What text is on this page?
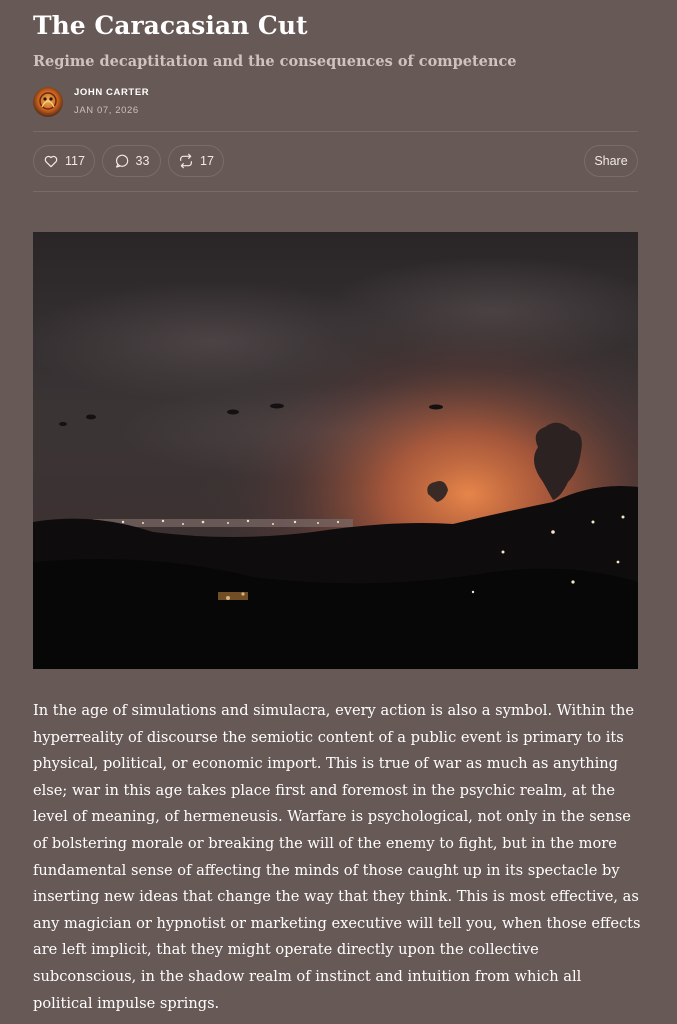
The Caracasian Cut
Regime decaptitation and the consequences of competence
JOHN CARTER
JAN 07, 2026
117	33	17	Share

In the age of simulations and simulacra, every action is also a symbol. Within the hyperreality of discourse the semiotic content of a public event is primary to its physical, political, or economic import. This is true of war as much as anything else; war in this age takes place first and foremost in the psychic realm, at the level of meaning, of hermeneusis. Warfare is psychological, not only in the sense of bolstering morale or breaking the will of the enemy to fight, but in the more fundamental sense of affecting the minds of those caught up in its spectacle by inserting new ideas that change the way that they think. This is most effective, as any magician or hypnotist or marketing executive will tell you, when those effects are left implicit, that they might operate directly upon the collective subconscious, in the shadow realm of instinct and intuition from which all political impulse springs.
